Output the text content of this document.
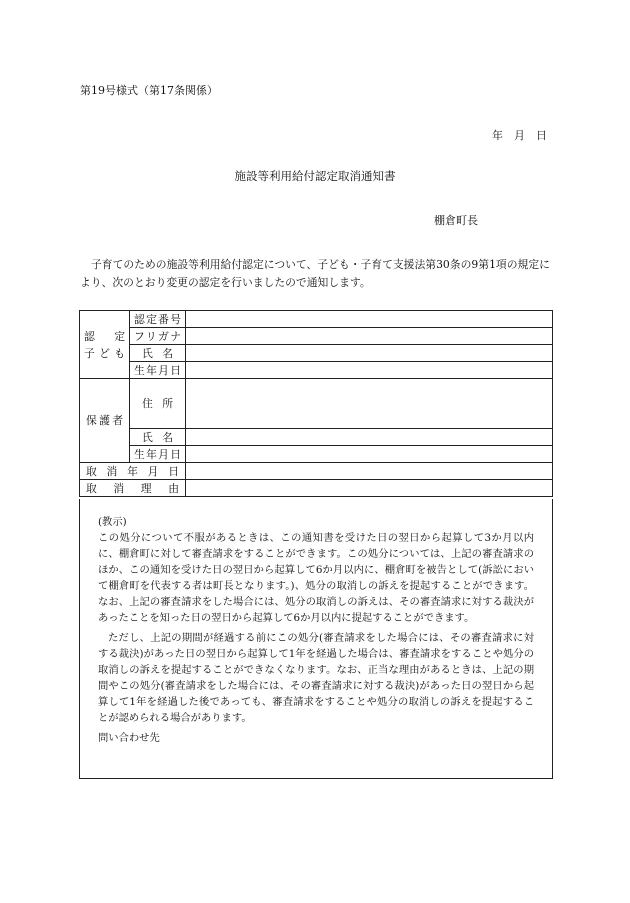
第19号様式（第17条関係）
年　月　日
施設等利用給付認定取消通知書
棚倉町長
子育てのための施設等利用給付認定について、子ども・子育て支援法第30条の9第1項の規定により、次のとおり変更の認定を行いましたので通知します。
認　定
子ども	認定番号	
	フリガナ	
	氏名	
	生年月日	
保護者	住所	
	氏名	
	生年月日	
取消年月日		
取消理由		

(教示)

この処分について不服があるときは、この通知書を受けた日の翌日から起算して3か月以内に、棚倉町に対して審査請求をすることができます。この処分については、上記の審査請求のほか、この通知を受けた日の翌日から起算して6か月以内に、棚倉町を被告として(訴訟において棚倉町を代表する者は町長となります。)、処分の取消しの訴えを提起することができます。なお、上記の審査請求をした場合には、処分の取消しの訴えは、その審査請求に対する裁決があったことを知った日の翌日から起算して6か月以内に提起することができます。

ただし、上記の期間が経過する前にこの処分(審査請求をした場合には、その審査請求に対する裁決)があった日の翌日から起算して1年を経過した場合は、審査請求をすることや処分の取消しの訴えを提起することができなくなります。なお、正当な理由があるときは、上記の期間やこの処分(審査請求をした場合には、その審査請求に対する裁決)があった日の翌日から起算して1年を経過した後であっても、審査請求をすることや処分の取消しの訴えを提起することが認められる場合があります。

問い合わせ先
